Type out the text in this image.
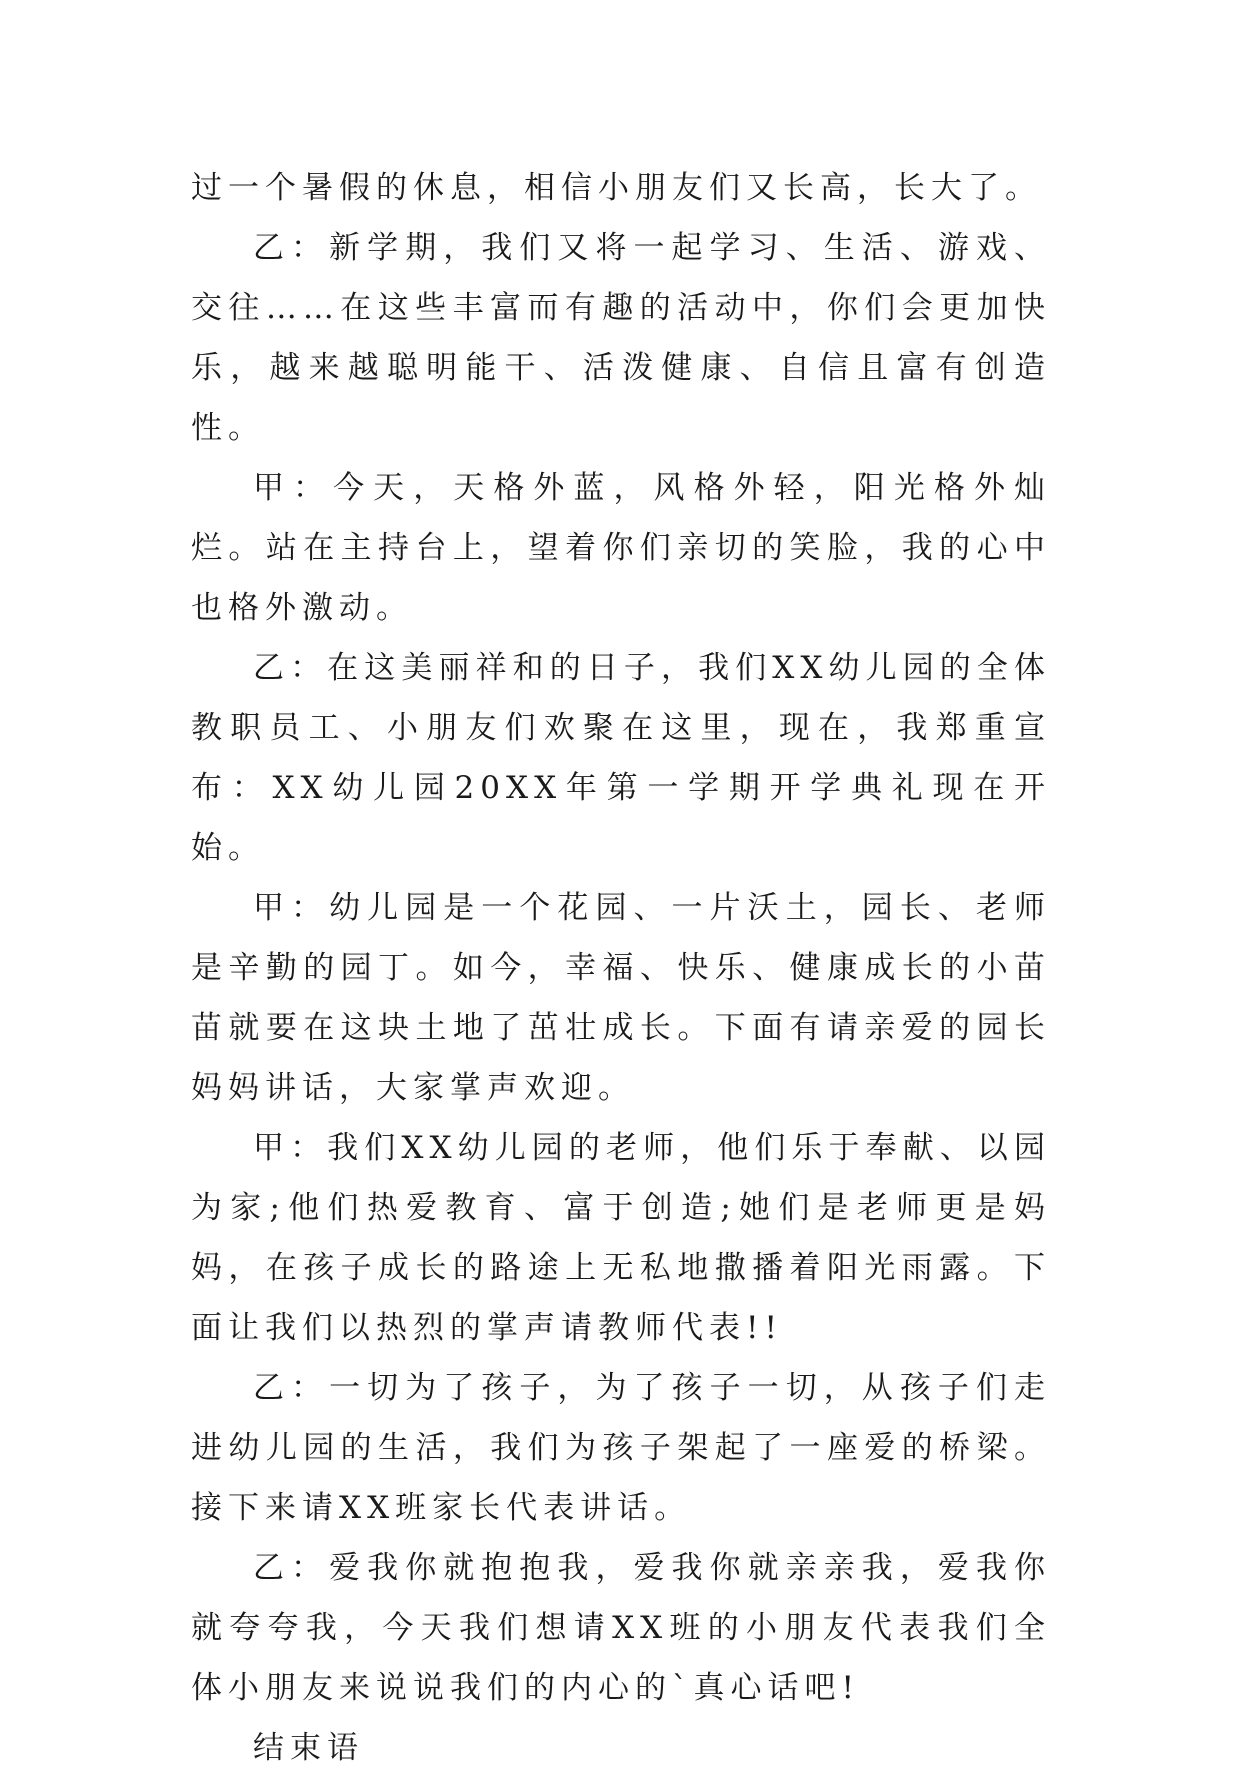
过一个暑假的休息，相信小朋友们又长高，长大了。

乙：新学期，我们又将一起学习、生活、游戏、交往……在这些丰富而有趣的活动中，你们会更加快乐，越来越聪明能干、活泼健康、自信且富有创造性。

甲：今天，天格外蓝，风格外轻，阳光格外灿烂。站在主持台上，望着你们亲切的笑脸，我的心中也格外激动。

乙：在这美丽祥和的日子，我们XX幼儿园的全体教职员工、小朋友们欢聚在这里，现在，我郑重宣布：XX幼儿园20XX年第一学期开学典礼现在开始。

甲：幼儿园是一个花园、一片沃土，园长、老师是辛勤的园丁。如今，幸福、快乐、健康成长的小苗苗就要在这块土地了茁壮成长。下面有请亲爱的园长妈妈讲话，大家掌声欢迎。

甲：我们XX幼儿园的老师，他们乐于奉献、以园为家;他们热爱教育、富于创造;她们是老师更是妈妈，在孩子成长的路途上无私地撒播着阳光雨露。下面让我们以热烈的掌声请教师代表!!

乙：一切为了孩子，为了孩子一切，从孩子们走进幼儿园的生活，我们为孩子架起了一座爱的桥梁。接下来请XX班家长代表讲话。

乙：爱我你就抱抱我，爱我你就亲亲我，爱我你就夸夸我，今天我们想请XX班的小朋友代表我们全体小朋友来说说我们的内心的`真心话吧!

结束语
